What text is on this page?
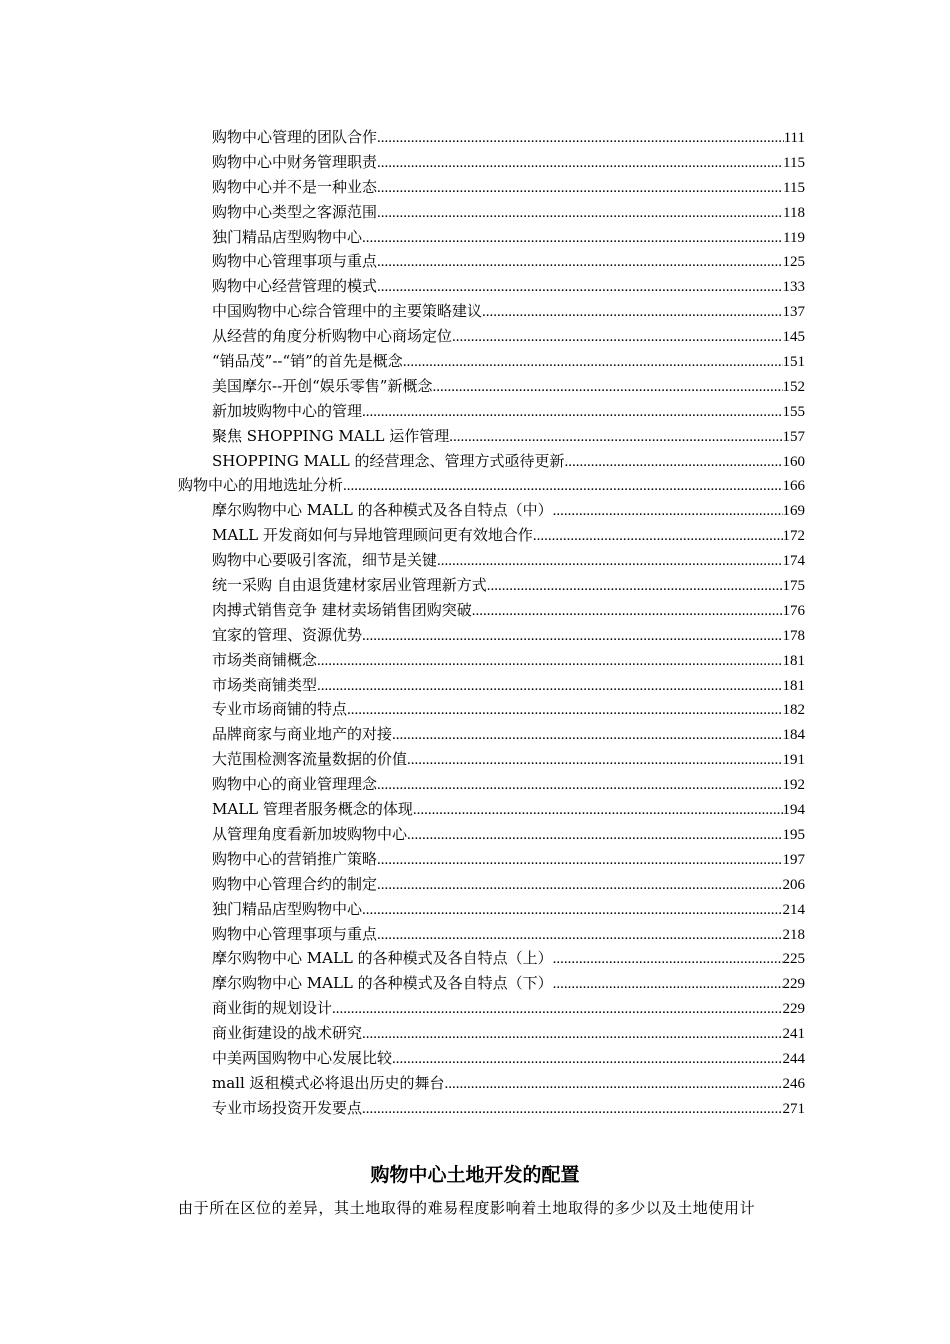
购物中心管理的团队合作 .....	111
购物中心中财务管理职责 .....	115
购物中心并不是一种业态 .....	115
购物中心类型之客源范围 .....	118
独门精品店型购物中心 .....	119
购物中心管理事项与重点 .....	125
购物中心经营管理的模式 .....	133
中国购物中心综合管理中的主要策略建议 .....	137
从经营的角度分析购物中心商场定位 .....	145
“销品茂”--“销”的首先是概念 .....	151
美国摩尔--开创“娱乐零售”新概念 .....	152
新加坡购物中心的管理 .....	155
聚焦 SHOPPING MALL 运作管理 .....	157
SHOPPING MALL 的经营理念、管理方式亟待更新 .....	160
购物中心的用地选址分析 .....	166
摩尔购物中心 MALL 的各种模式及各自特点（中） .....	169
MALL 开发商如何与异地管理顾问更有效地合作 .....	172
购物中心要吸引客流，细节是关键 .....	174
统一采购 自由退货建材家居业管理新方式 .....	175
肉搏式销售竞争 建材卖场销售团购突破 .....	176
宜家的管理、资源优势 .....	178
市场类商铺概念 .....	181
市场类商铺类型 .....	181
专业市场商铺的特点 .....	182
品牌商家与商业地产的对接 .....	184
大范围检测客流量数据的价值 .....	191
购物中心的商业管理理念 .....	192
MALL 管理者服务概念的体现 .....	194
从管理角度看新加坡购物中心 .....	195
购物中心的营销推广策略 .....	197
购物中心管理合约的制定 .....	206
独门精品店型购物中心 .....	214
购物中心管理事项与重点 .....	218
摩尔购物中心 MALL 的各种模式及各自特点（上） .....	225
摩尔购物中心 MALL 的各种模式及各自特点（下） .....	229
商业街的规划设计 .....	229
商业街建设的战术研究 .....	241
中美两国购物中心发展比较 .....	244
mall 返租模式必将退出历史的舞台 .....	246
专业市场投资开发要点 .....	271
购物中心土地开发的配置

由于所在区位的差异，其土地取得的难易程度影响着土地取得的多少以及土地使用计
